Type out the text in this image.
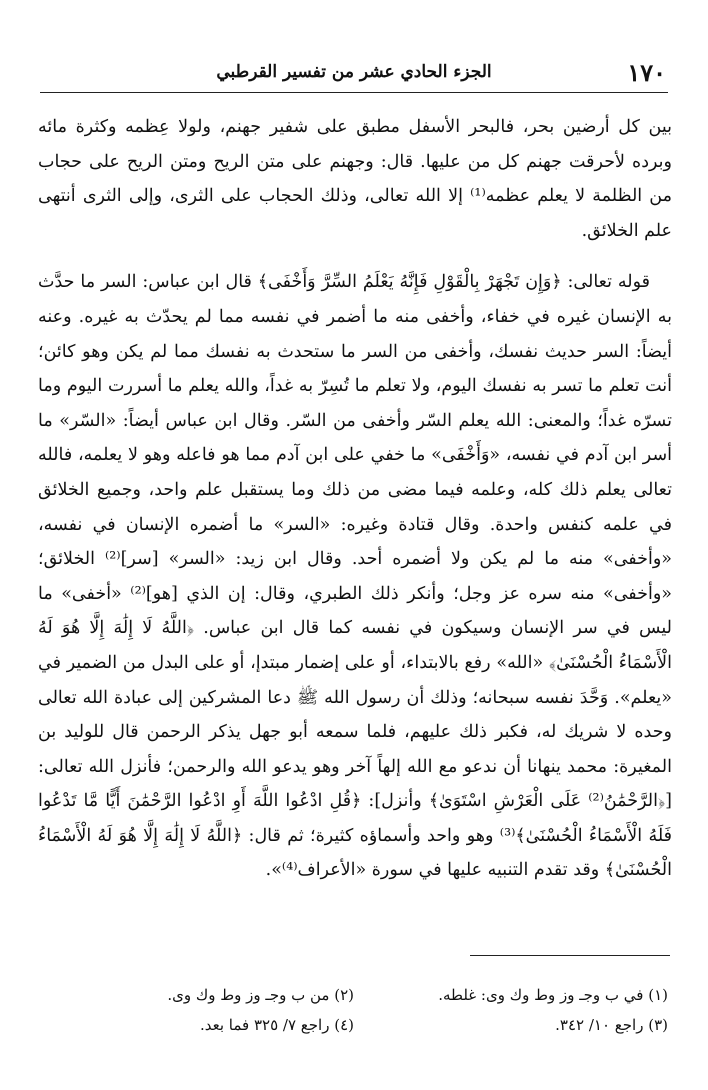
١٧٠
الجزء الحادي عشر من تفسير القرطبي

بين كل أرضين بحر، فالبحر الأسفل مطبق على شفير جهنم، ولولا عِظمه وكثرة مائه وبرده لأحرقت جهنم كل من عليها. قال: وجهنم على متن الريح ومتن الريح على حجاب من الظلمة لا يعلم عظمه⁽¹⁾ إلا الله تعالى، وذلك الحجاب على الثرى، وإلى الثرى أنتهى علم الخلائق.

قوله تعالى: ﴿وَإِن تَجْهَرْ بِالْقَوْلِ فَإِنَّهُ يَعْلَمُ السِّرَّ وَأَخْفَى﴾ قال ابن عباس: السر ما حدَّث به الإنسان غيره في خفاء، وأخفى منه ما أضمر في نفسه مما لم يحدّث به غيره. وعنه أيضاً: السر حديث نفسك، وأخفى من السر ما ستحدث به نفسك مما لم يكن وهو كائن؛ أنت تعلم ما تسر به نفسك اليوم، ولا تعلم ما تُسِرّ به غداً، والله يعلم ما أسررت اليوم وما تسرّه غداً؛ والمعنى: الله يعلم السّر وأخفى من السّر. وقال ابن عباس أيضاً: «السّر» ما أسر ابن آدم في نفسه، «وَأَخْفَى» ما خفي على ابن آدم مما هو فاعله وهو لا يعلمه، فالله تعالى يعلم ذلك كله، وعلمه فيما مضى من ذلك وما يستقبل علم واحد، وجميع الخلائق في علمه كنفس واحدة. وقال قتادة وغيره: «السر» ما أضمره الإنسان في نفسه، «وأخفى» منه ما لم يكن ولا أضمره أحد. وقال ابن زيد: «السر» [سر]⁽²⁾ الخلائق؛ «وأخفى» منه سره عز وجل؛ وأنكر ذلك الطبري، وقال: إن الذي [هو]⁽²⁾ «أخفى» ما ليس في سر الإنسان وسيكون في نفسه كما قال ابن عباس. ﴿اللَّهُ لَا إِلَٰهَ إِلَّا هُوَ لَهُ الْأَسْمَاءُ الْحُسْنَىٰ﴾ «الله» رفع بالابتداء، أو على إضمار مبتدإ، أو على البدل من الضمير في «يعلم». وَحَّدَ نفسه سبحانه؛ وذلك أن رسول الله ﷺ دعا المشركين إلى عبادة الله تعالى وحده لا شريك له، فكبر ذلك عليهم، فلما سمعه أبو جهل يذكر الرحمن قال للوليد بن المغيرة: محمد ينهانا أن ندعو مع الله إلهاً آخر وهو يدعو الله والرحمن؛ فأنزل الله تعالى: [﴿الرَّحْمَٰنُ⁽²⁾ عَلَى الْعَرْشِ اسْتَوَىٰ﴾ وأنزل]: ﴿قُلِ ادْعُوا اللَّهَ أَوِ ادْعُوا الرَّحْمَٰنَ أَيًّا مَّا تَدْعُوا فَلَهُ الْأَسْمَاءُ الْحُسْنَىٰ﴾⁽³⁾ وهو واحد وأسماؤه كثيرة؛ ثم قال: ﴿اللَّهُ لَا إِلَٰهَ إِلَّا هُوَ لَهُ الْأَسْمَاءُ الْحُسْنَىٰ﴾ وقد تقدم التنبيه عليها في سورة «الأعراف⁽⁴⁾».

(١) في ب وجـ وز وط وك وى: غلطه.
(٢) من ب وجـ وز وط وك وى.
(٣) راجع ١٠/ ٣٤٢.
(٤) راجع ٧/ ٣٢٥ فما بعد.
